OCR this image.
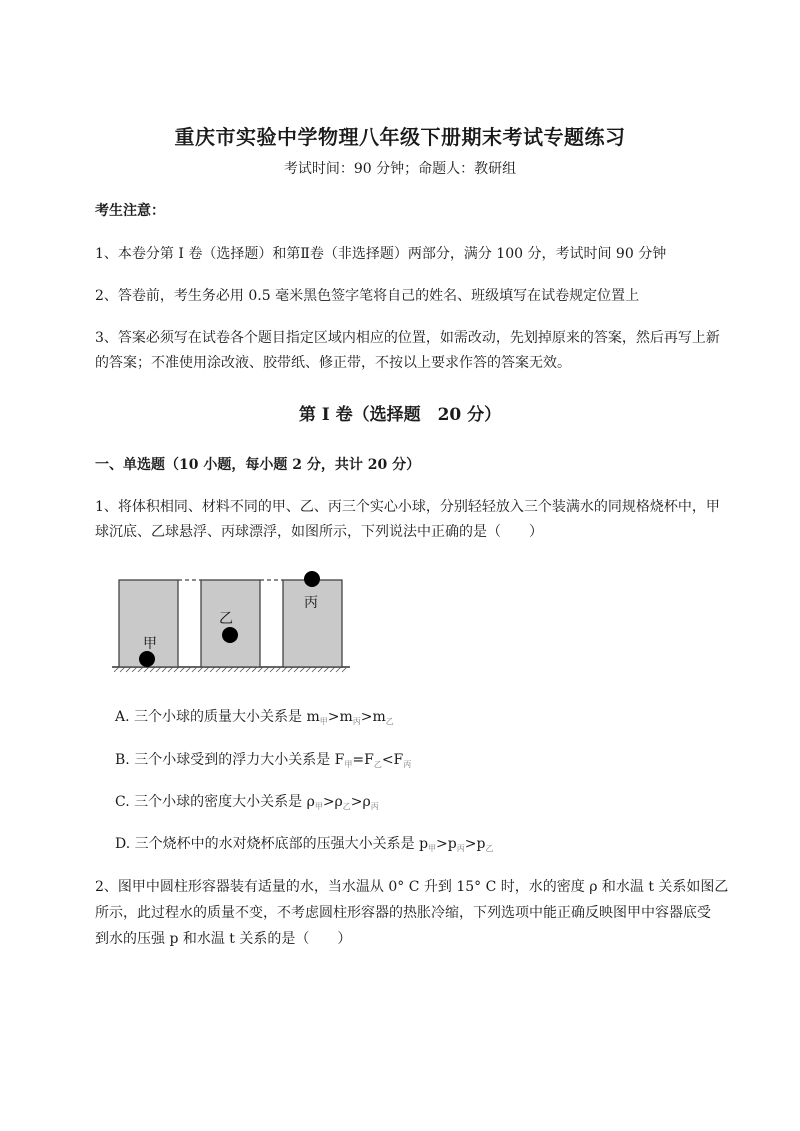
重庆市实验中学物理八年级下册期末考试专题练习
考试时间：90 分钟；命题人：教研组
考生注意：
1、本卷分第 I 卷（选择题）和第Ⅱ卷（非选择题）两部分，满分 100 分，考试时间 90 分钟
2、答卷前，考生务必用 0.5 毫米黑色签字笔将自己的姓名、班级填写在试卷规定位置上
3、答案必须写在试卷各个题目指定区域内相应的位置，如需改动，先划掉原来的答案，然后再写上新
的答案；不准使用涂改液、胶带纸、修正带，不按以上要求作答的答案无效。
第 I 卷（选择题　20 分）
一、单选题（10 小题，每小题 2 分，共计 20 分）
1、将体积相同、材料不同的甲、乙、丙三个实心小球，分别轻轻放入三个装满水的同规格烧杯中，甲
球沉底、乙球悬浮、丙球漂浮，如图所示，下列说法中正确的是（　　）
甲
乙
丙
A. 三个小球的质量大小关系是 $m_甲>m_丙>m_乙$
B. 三个小球受到的浮力大小关系是 $F_甲=F_乙<F_丙$
C. 三个小球的密度大小关系是 $\rho_甲>\rho_乙>\rho_丙$
D. 三个烧杯中的水对烧杯底部的压强大小关系是 $p_甲>p_丙>p_乙$
2、图甲中圆柱形容器装有适量的水，当水温从 0° C 升到 15° C 时，水的密度 ρ 和水温 t 关系如图乙
所示，此过程水的质量不变，不考虑圆柱形容器的热胀冷缩，下列选项中能正确反映图甲中容器底受
到水的压强 p 和水温 t 关系的是（　　）
